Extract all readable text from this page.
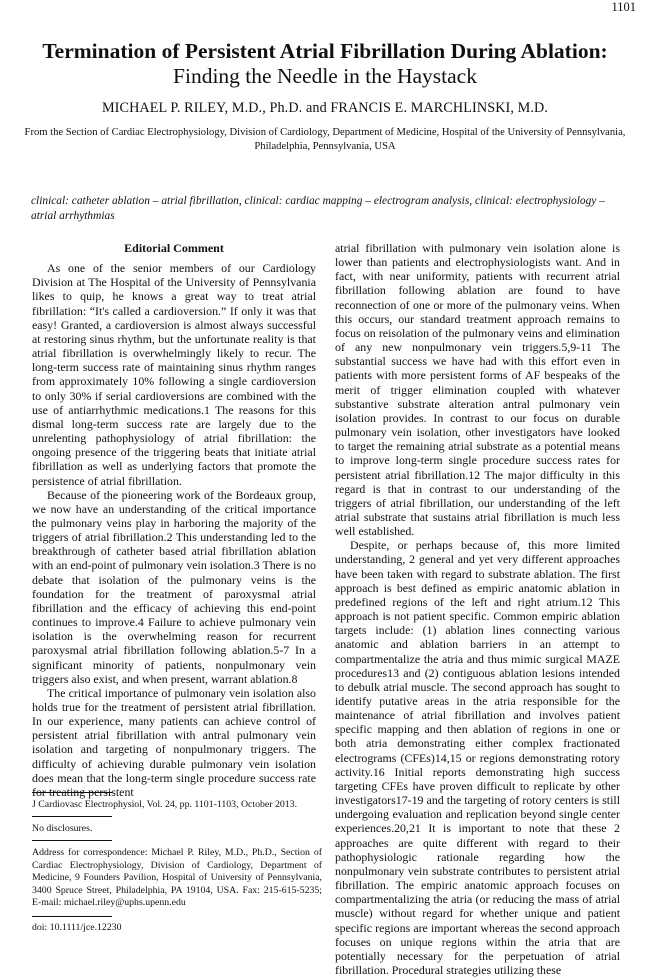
1101
Termination of Persistent Atrial Fibrillation During Ablation:
Finding the Needle in the Haystack
MICHAEL P. RILEY, M.D., Ph.D. and FRANCIS E. MARCHLINSKI, M.D.
From the Section of Cardiac Electrophysiology, Division of Cardiology, Department of Medicine, Hospital of the University of Pennsylvania, Philadelphia, Pennsylvania, USA
clinical: catheter ablation – atrial fibrillation, clinical: cardiac mapping – electrogram analysis, clinical: electrophysiology – atrial arrhythmias

Editorial Comment

As one of the senior members of our Cardiology Division at The Hospital of the University of Pennsylvania likes to quip, he knows a great way to treat atrial fibrillation: “It's called a cardioversion.” If only it was that easy! Granted, a cardioversion is almost always successful at restoring sinus rhythm, but the unfortunate reality is that atrial fibrillation is overwhelmingly likely to recur. The long-term success rate of maintaining sinus rhythm ranges from approximately 10% following a single cardioversion to only 30% if serial cardioversions are combined with the use of antiarrhythmic medications.1 The reasons for this dismal long-term success rate are largely due to the unrelenting pathophysiology of atrial fibrillation: the ongoing presence of the triggering beats that initiate atrial fibrillation as well as underlying factors that promote the persistence of atrial fibrillation.

Because of the pioneering work of the Bordeaux group, we now have an understanding of the critical importance the pulmonary veins play in harboring the majority of the triggers of atrial fibrillation.2 This understanding led to the breakthrough of catheter based atrial fibrillation ablation with an end-point of pulmonary vein isolation.3 There is no debate that isolation of the pulmonary veins is the foundation for the treatment of paroxysmal atrial fibrillation and the efficacy of achieving this end-point continues to improve.4 Failure to achieve pulmonary vein isolation is the overwhelming reason for recurrent paroxysmal atrial fibrillation following ablation.5-7 In a significant minority of patients, nonpulmonary vein triggers also exist, and when present, warrant ablation.8

The critical importance of pulmonary vein isolation also holds true for the treatment of persistent atrial fibrillation. In our experience, many patients can achieve control of persistent atrial fibrillation with antral pulmonary vein isolation and targeting of nonpulmonary triggers. The difficulty of achieving durable pulmonary vein isolation does mean that the long-term single procedure success rate for treating persistent

atrial fibrillation with pulmonary vein isolation alone is lower than patients and electrophysiologists want. And in fact, with near uniformity, patients with recurrent atrial fibrillation following ablation are found to have reconnection of one or more of the pulmonary veins. When this occurs, our standard treatment approach remains to focus on reisolation of the pulmonary veins and elimination of any new nonpulmonary vein triggers.5,9-11 The substantial success we have had with this effort even in patients with more persistent forms of AF bespeaks of the merit of trigger elimination coupled with whatever substantive substrate alteration antral pulmonary vein isolation provides. In contrast to our focus on durable pulmonary vein isolation, other investigators have looked to target the remaining atrial substrate as a potential means to improve long-term single procedure success rates for persistent atrial fibrillation.12 The major difficulty in this regard is that in contrast to our understanding of the triggers of atrial fibrillation, our understanding of the left atrial substrate that sustains atrial fibrillation is much less well established.

Despite, or perhaps because of, this more limited understanding, 2 general and yet very different approaches have been taken with regard to substrate ablation. The first approach is best defined as empiric anatomic ablation in predefined regions of the left and right atrium.12 This approach is not patient specific. Common empiric ablation targets include: (1) ablation lines connecting various anatomic and ablation barriers in an attempt to compartmentalize the atria and thus mimic surgical MAZE procedures13 and (2) contiguous ablation lesions intended to debulk atrial muscle. The second approach has sought to identify putative areas in the atria responsible for the maintenance of atrial fibrillation and involves patient specific mapping and then ablation of regions in one or both atria demonstrating either complex fractionated electrograms (CFEs)14,15 or regions demonstrating rotory activity.16 Initial reports demonstrating high success targeting CFEs have proven difficult to replicate by other investigators17-19 and the targeting of rotory centers is still undergoing evaluation and replication beyond single center experiences.20,21 It is important to note that these 2 approaches are quite different with regard to their pathophysiologic rationale regarding how the nonpulmonary vein substrate contributes to persistent atrial fibrillation. The empiric anatomic approach focuses on compartmentalizing the atria (or reducing the mass of atrial muscle) without regard for whether unique and patient specific regions are important whereas the second approach focuses on unique regions within the atria that are potentially necessary for the perpetuation of atrial fibrillation. Procedural strategies utilizing these

J Cardiovasc Electrophysiol, Vol. 24, pp. 1101-1103, October 2013.
No disclosures.
Address for correspondence: Michael P. Riley, M.D., Ph.D., Section of Cardiac Electrophysiology, Division of Cardiology, Department of Medicine, 9 Founders Pavilion, Hospital of University of Pennsylvania, 3400 Spruce Street, Philadelphia, PA 19104, USA. Fax: 215-615-5235; E-mail: michael.riley@uphs.upenn.edu
doi: 10.1111/jce.12230
